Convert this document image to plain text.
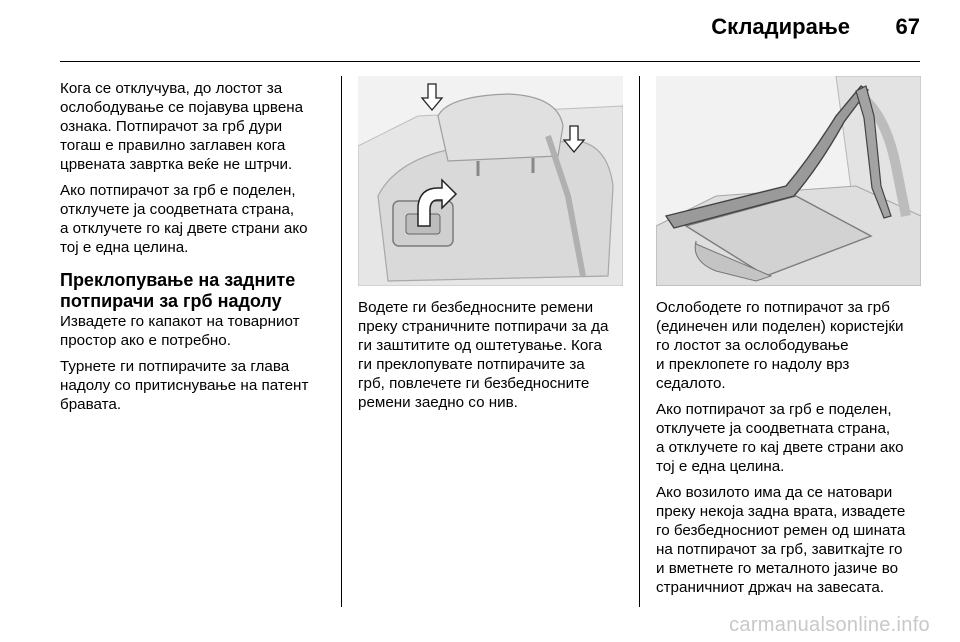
Складирање	67

Кога се отклучува, до лостот за
ослободување се појавува црвена
ознака. Потпирачот за грб дури
тогаш е правилно заглавен кога
црвената завртка веќе не штрчи.

Ако потпирачот за грб е поделен,
отклучете ја соодветната страна,
а отклучете го кај двете страни ако
тој е една целина.

Преклопување на задните
потпирачи за грб надолу

Извадете го капакот на товарниот
простор ако е потребно.

Турнете ги потпирачите за глава
надолу со притиснување на патент
бравата.

Водете ги безбедносните ремени
преку страничните потпирачи за да
ги заштитите од оштетување. Кога
ги преклопувате потпирачите за
грб, повлечете ги безбедносните
ремени заедно со нив.

Ослободете го потпирачот за грб
(единечен или поделен) користејќи
го лостот за ослободување
и преклопете го надолу врз
седалото.

Ако потпирачот за грб е поделен,
отклучете ја соодветната страна,
а отклучете го кај двете страни ако
тој е една целина.

Ако возилото има да се натовари
преку некоја задна врата, извадете
го безбедносниот ремен од шината
на потпирачот за грб, завиткајте го
и вметнете го металното јазиче во
страничниот држач на завесата.

carmanualsonline.info
